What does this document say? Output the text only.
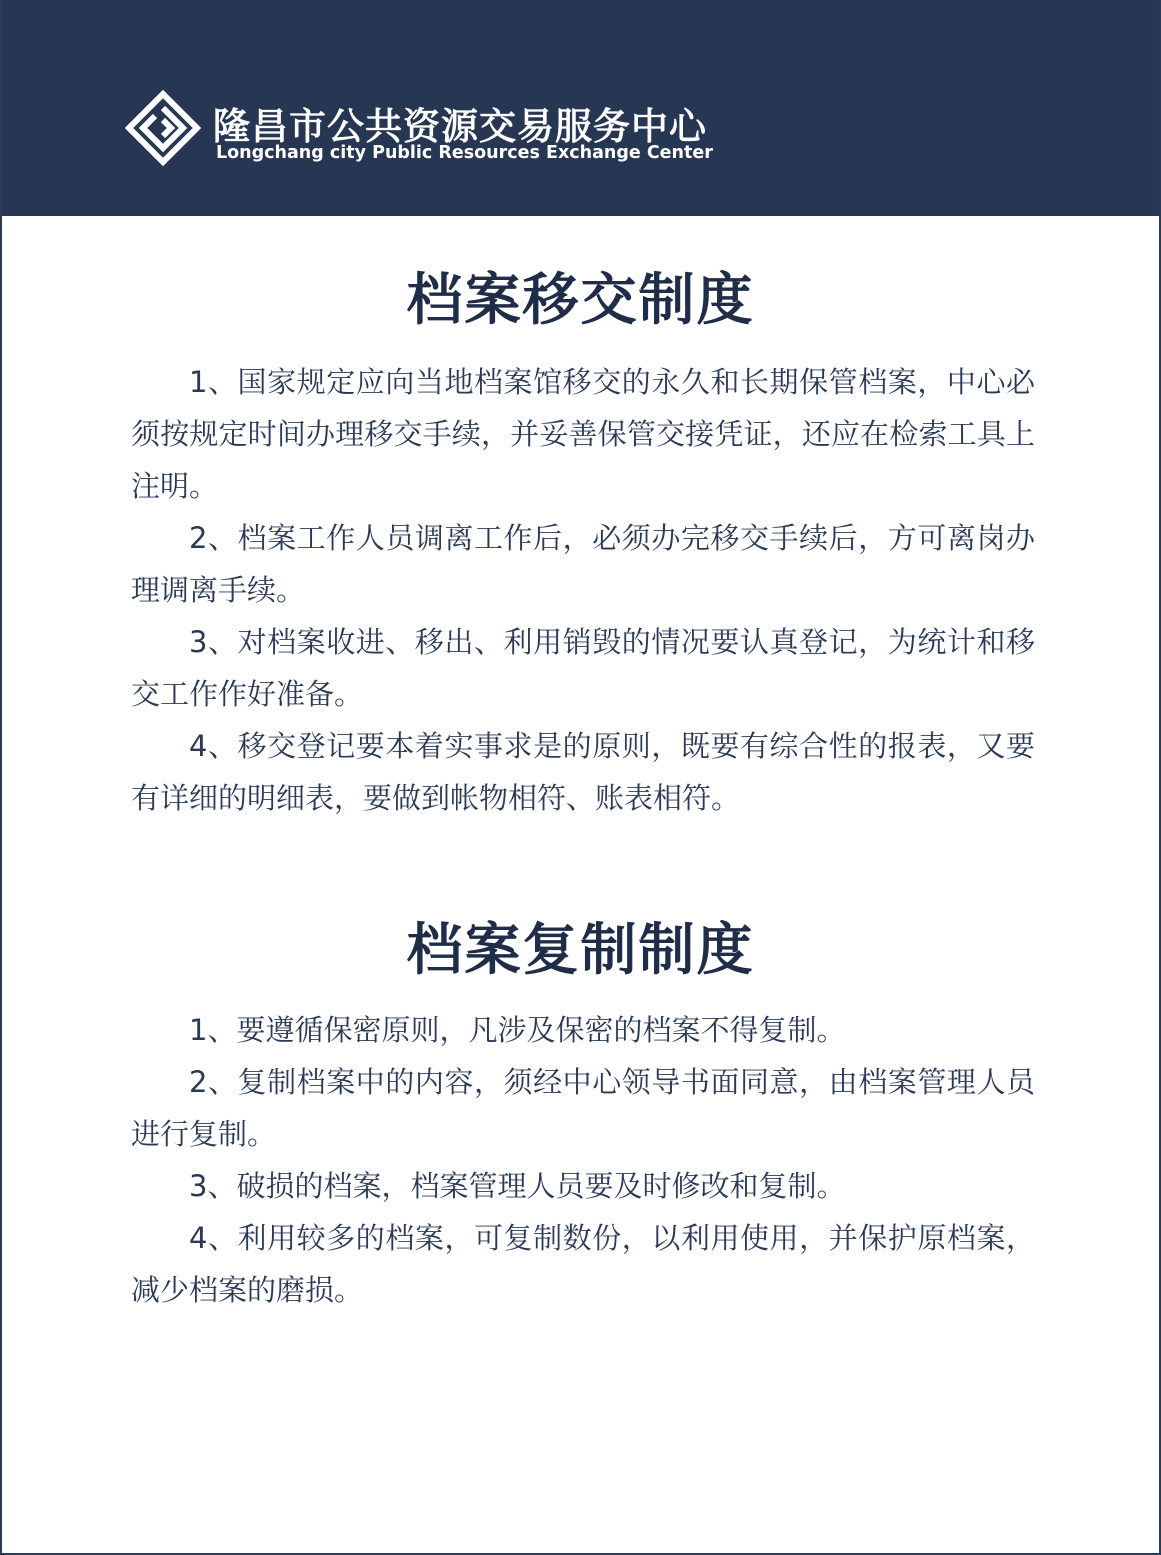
隆昌市公共资源交易服务中心
Longchang city Public Resources Exchange Center
档案移交制度

1、国家规定应向当地档案馆移交的永久和长期保管档案，中心必须按规定时间办理移交手续，并妥善保管交接凭证，还应在检索工具上注明。

2、档案工作人员调离工作后，必须办完移交手续后，方可离岗办理调离手续。

3、对档案收进、移出、利用销毁的情况要认真登记，为统计和移交工作作好准备。

4、移交登记要本着实事求是的原则，既要有综合性的报表，又要有详细的明细表，要做到帐物相符、账表相符。

档案复制制度

1、要遵循保密原则，凡涉及保密的档案不得复制。

2、复制档案中的内容，须经中心领导书面同意，由档案管理人员进行复制。

3、破损的档案，档案管理人员要及时修改和复制。

4、利用较多的档案，可复制数份，以利用使用，并保护原档案，减少档案的磨损。
